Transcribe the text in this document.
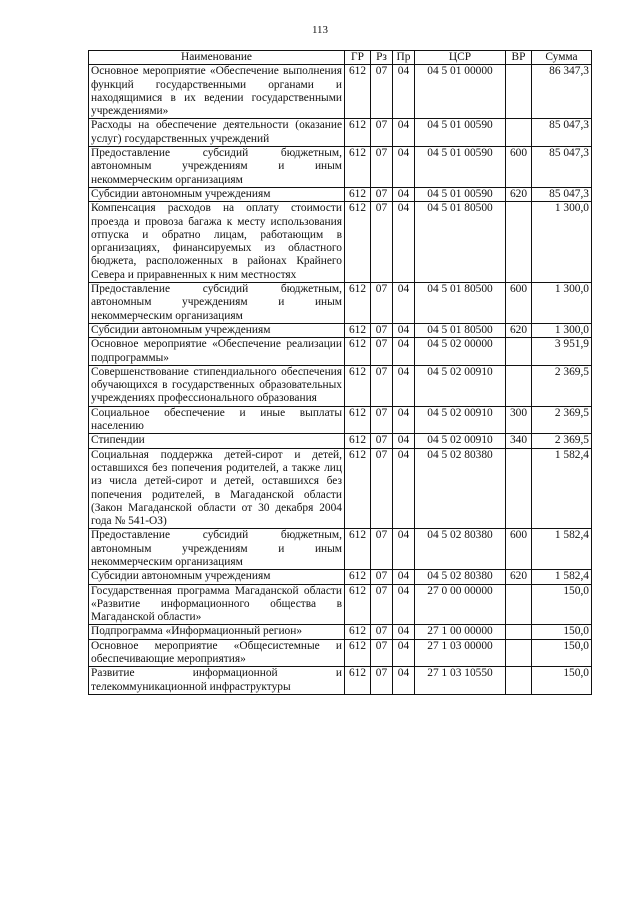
113
Наименование	ГР	Рз	Пр	ЦСР	ВР	Сумма
Основное мероприятие «Обеспечение выполнения функций государственными органами и находящимися в их ведении государственными учреждениями»	612	07	04	04 5 01 00000		86 347,3
Расходы на обеспечение деятельности (оказание услуг) государственных учреждений	612	07	04	04 5 01 00590		85 047,3
Предоставление субсидий бюджетным, автономным учреждениям и иным некоммерческим организациям	612	07	04	04 5 01 00590	600	85 047,3
Субсидии автономным учреждениям	612	07	04	04 5 01 00590	620	85 047,3
Компенсация расходов на оплату стоимости проезда и провоза багажа к месту использования отпуска и обратно лицам, работающим в организациях, финансируемых из областного бюджета, расположенных в районах Крайнего Севера и приравненных к ним местностях	612	07	04	04 5 01 80500		1 300,0
Предоставление субсидий бюджетным, автономным учреждениям и иным некоммерческим организациям	612	07	04	04 5 01 80500	600	1 300,0
Субсидии автономным учреждениям	612	07	04	04 5 01 80500	620	1 300,0
Основное мероприятие «Обеспечение реализации подпрограммы»	612	07	04	04 5 02 00000		3 951,9
Совершенствование стипендиального обеспечения обучающихся в государственных образовательных учреждениях профессионального образования	612	07	04	04 5 02 00910		2 369,5
Социальное обеспечение и иные выплаты населению	612	07	04	04 5 02 00910	300	2 369,5
Стипендии	612	07	04	04 5 02 00910	340	2 369,5
Социальная поддержка детей-сирот и детей, оставшихся без попечения родителей, а также лиц из числа детей-сирот и детей, оставшихся без попечения родителей, в Магаданской области (Закон Магаданской области от 30 декабря 2004 года № 541-ОЗ)	612	07	04	04 5 02 80380		1 582,4
Предоставление субсидий бюджетным, автономным учреждениям и иным некоммерческим организациям	612	07	04	04 5 02 80380	600	1 582,4
Субсидии автономным учреждениям	612	07	04	04 5 02 80380	620	1 582,4
Государственная программа Магаданской области «Развитие информационного общества в Магаданской области»	612	07	04	27 0 00 00000		150,0
Подпрограмма «Информационный регион»	612	07	04	27 1 00 00000		150,0
Основное мероприятие «Общесистемные и обеспечивающие мероприятия»	612	07	04	27 1 03 00000		150,0
Развитие информационной и телекоммуникационной инфраструктуры	612	07	04	27 1 03 10550		150,0
